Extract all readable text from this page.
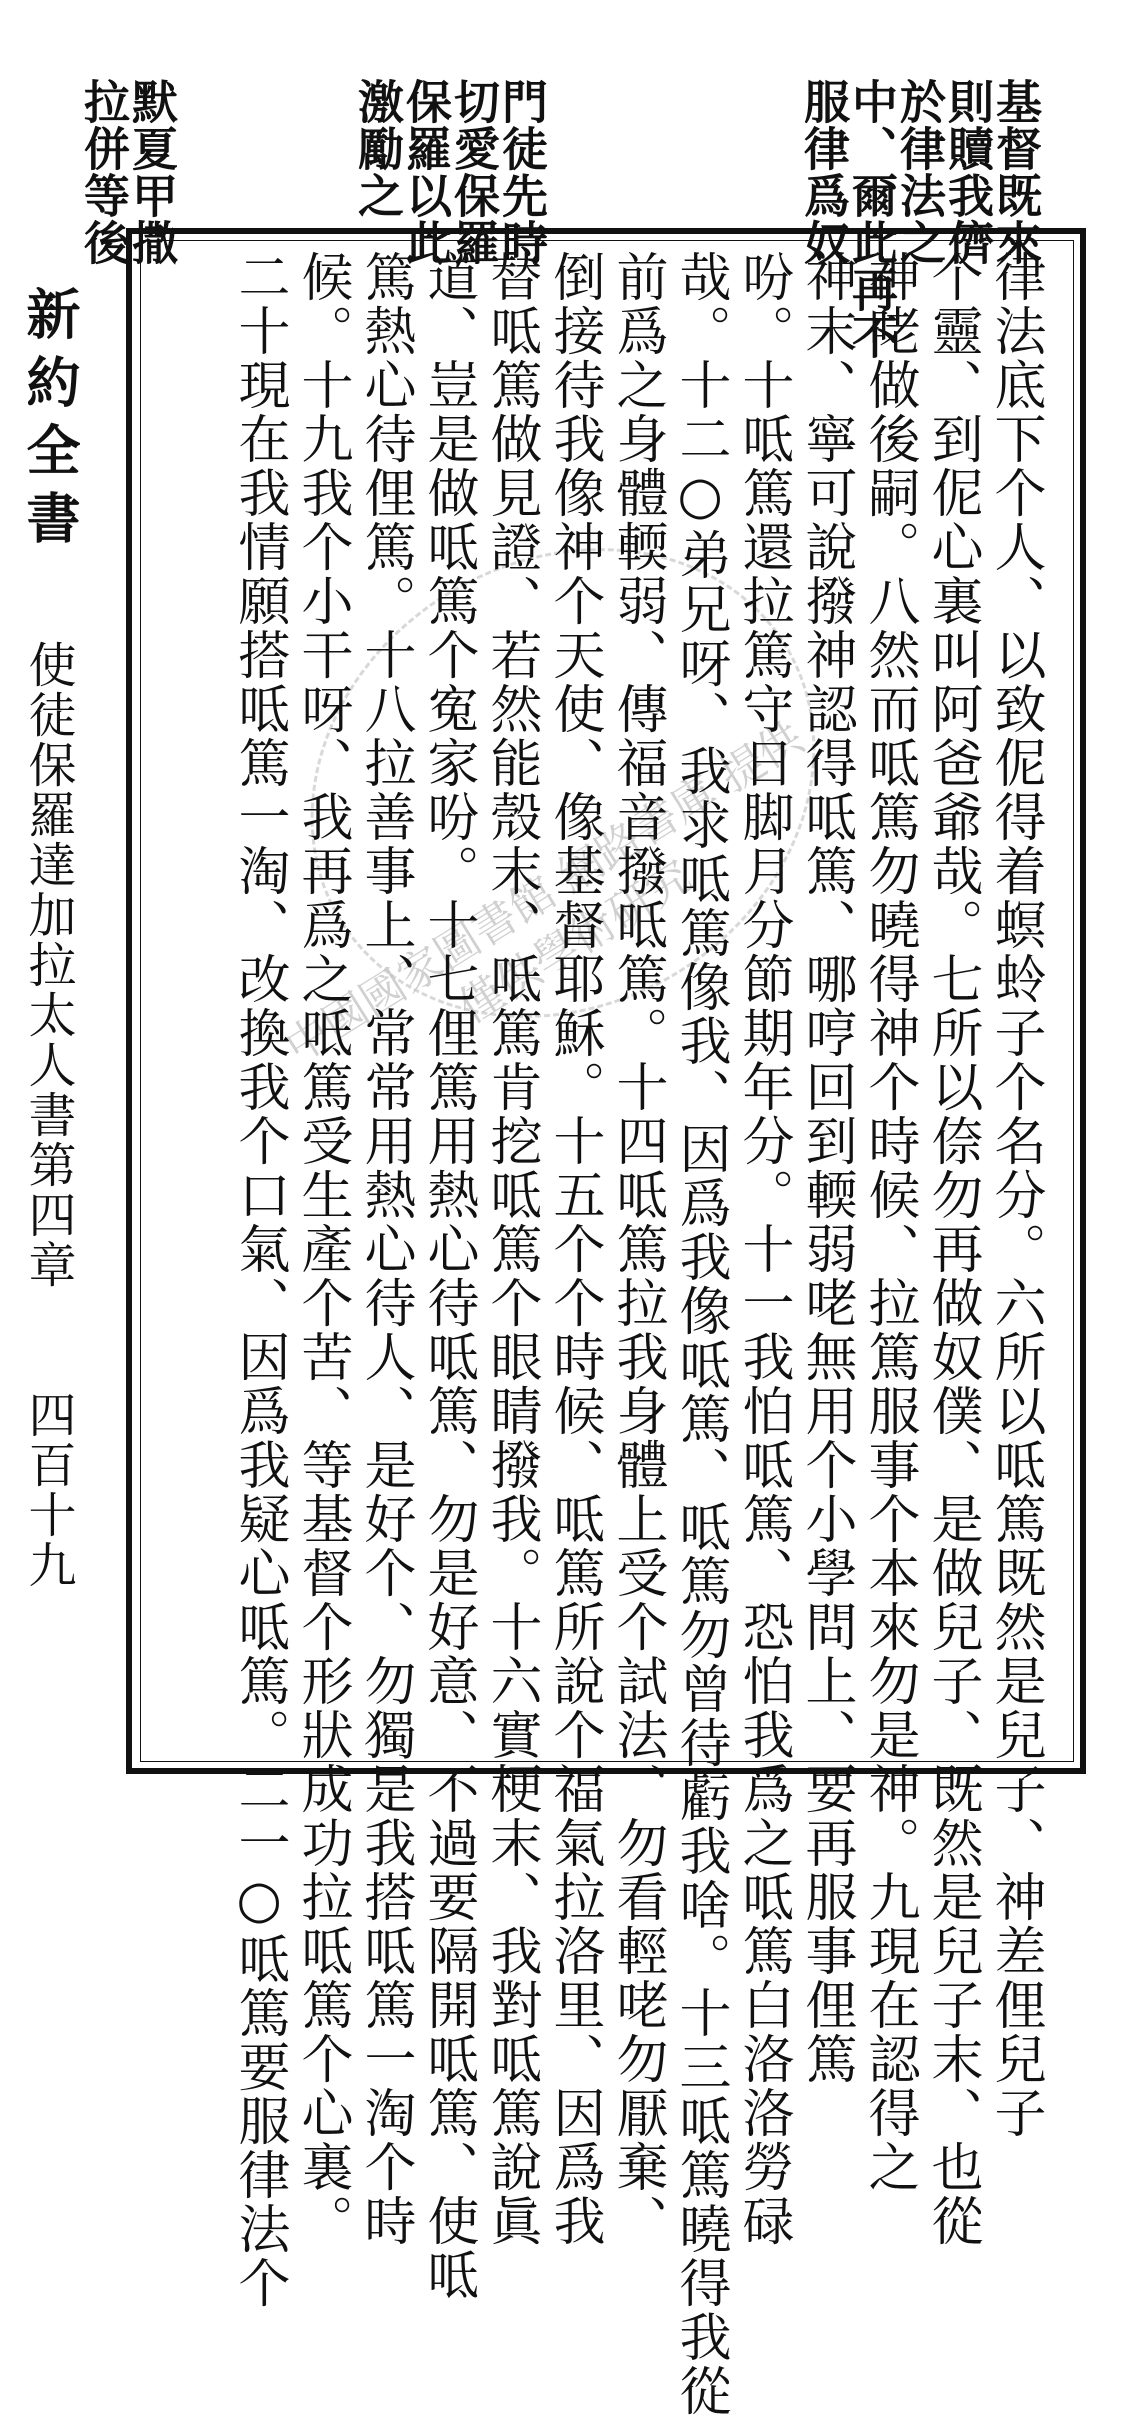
基督既來
則贖我儕
於律法之
中、爾此再不
服律爲奴
門徒先時
切愛保羅
保羅以此
激勵之
默夏甲撒
拉併等後
中國國家圖書館 網路書庫 提供 僅供學術研究	律法底下个人、以致伲得着螟蛉子个名分。六所以呧篤既然是兒子、神差俚兒子
个靈、到伲心裏叫阿爸爺哉。七所以倷勿再做奴僕、是做兒子、既然是兒子末、也從
神咾做後嗣。八然而呧篤勿曉得神个時候、拉篤服事个本來勿是神。九現在認得之
神末、寧可說撥神認得呧篤、哪哼回到輭弱咾無用个小學問上、要再服事俚篤
吩。十呧篤還拉篤守日脚月分節期年分。十一我怕呧篤、恐怕我爲之呧篤白洛洛勞碌
哉。十二○弟兄呀、我求呧篤像我、因爲我像呧篤、呧篤勿曾待虧我啥。十三呧篤曉得我從
前爲之身體輭弱、傳福音撥呧篤。十四呧篤拉我身體上受个試法、勿看輕咾勿厭棄、
倒接待我像神个天使、像基督耶穌。十五个个時候、呧篤所說个福氣拉洛里、因爲我
替呧篤做見證、若然能殼末、呧篤肯挖呧篤个眼睛撥我。十六實梗末、我對呧篤說眞
道、豈是做呧篤个寃家吩。十七俚篤用熱心待呧篤、勿是好意、不過要隔開呧篤、使呧
篤熱心待俚篤。十八拉善事上、常常用熱心待人、是好个、勿獨是我搭呧篤一淘个時
候。十九我个小干呀、我再爲之呧篤受生產个苦、等基督个形狀成功拉呧篤个心裏。
二十現在我情願搭呧篤一淘、改換我个口氣、因爲我疑心呧篤。二一○呧篤要服律法个
新約全書
使徒保羅達加拉太人書第四章
四百十九
